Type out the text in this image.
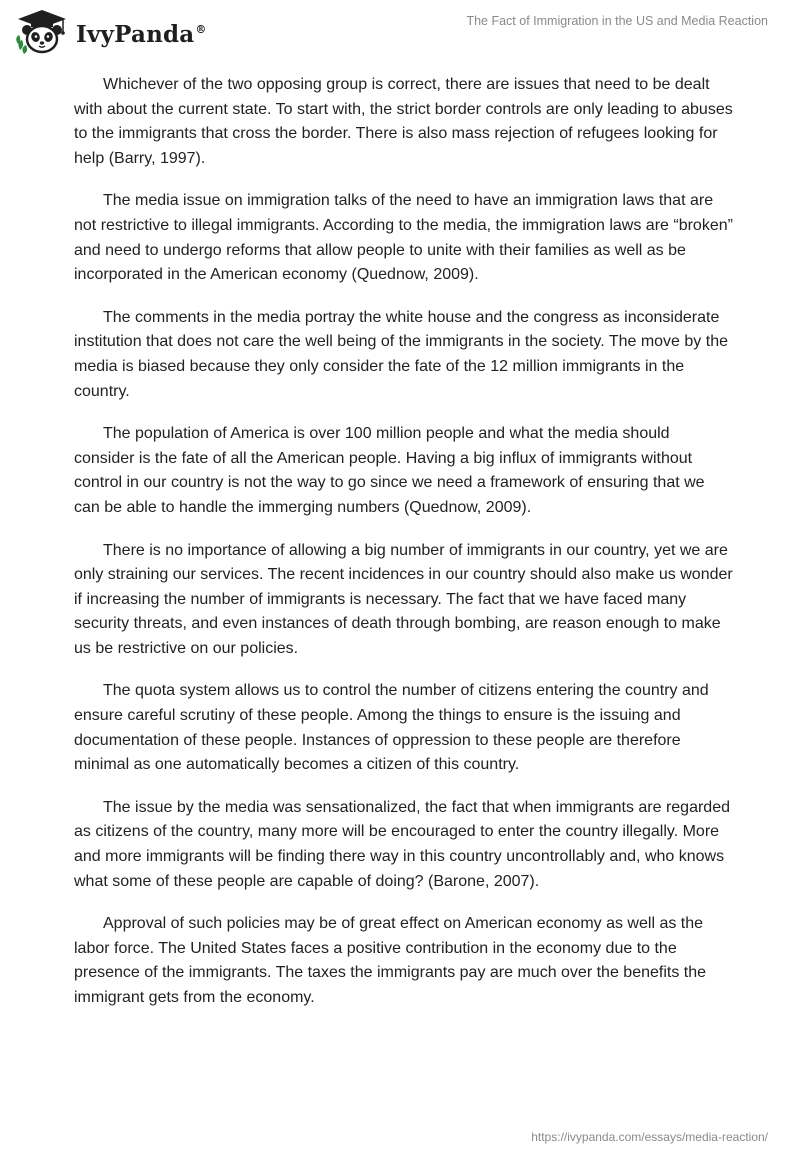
IvyPanda®
The Fact of Immigration in the US and Media Reaction

Whichever of the two opposing group is correct, there are issues that need to be dealt with about the current state. To start with, the strict border controls are only leading to abuses to the immigrants that cross the border. There is also mass rejection of refugees looking for help (Barry, 1997).

The media issue on immigration talks of the need to have an immigration laws that are not restrictive to illegal immigrants. According to the media, the immigration laws are “broken” and need to undergo reforms that allow people to unite with their families as well as be incorporated in the American economy (Quednow, 2009).

The comments in the media portray the white house and the congress as inconsiderate institution that does not care the well being of the immigrants in the society. The move by the media is biased because they only consider the fate of the 12 million immigrants in the country.

The population of America is over 100 million people and what the media should consider is the fate of all the American people. Having a big influx of immigrants without control in our country is not the way to go since we need a framework of ensuring that we can be able to handle the immerging numbers (Quednow, 2009).

There is no importance of allowing a big number of immigrants in our country, yet we are only straining our services. The recent incidences in our country should also make us wonder if increasing the number of immigrants is necessary. The fact that we have faced many security threats, and even instances of death through bombing, are reason enough to make us be restrictive on our policies.

The quota system allows us to control the number of citizens entering the country and ensure careful scrutiny of these people. Among the things to ensure is the issuing and documentation of these people. Instances of oppression to these people are therefore minimal as one automatically becomes a citizen of this country.

The issue by the media was sensationalized, the fact that when immigrants are regarded as citizens of the country, many more will be encouraged to enter the country illegally. More and more immigrants will be finding there way in this country uncontrollably and, who knows what some of these people are capable of doing? (Barone, 2007).

Approval of such policies may be of great effect on American economy as well as the labor force. The United States faces a positive contribution in the economy due to the presence of the immigrants. The taxes the immigrants pay are much over the benefits the immigrant gets from the economy.

https://ivypanda.com/essays/media-reaction/
